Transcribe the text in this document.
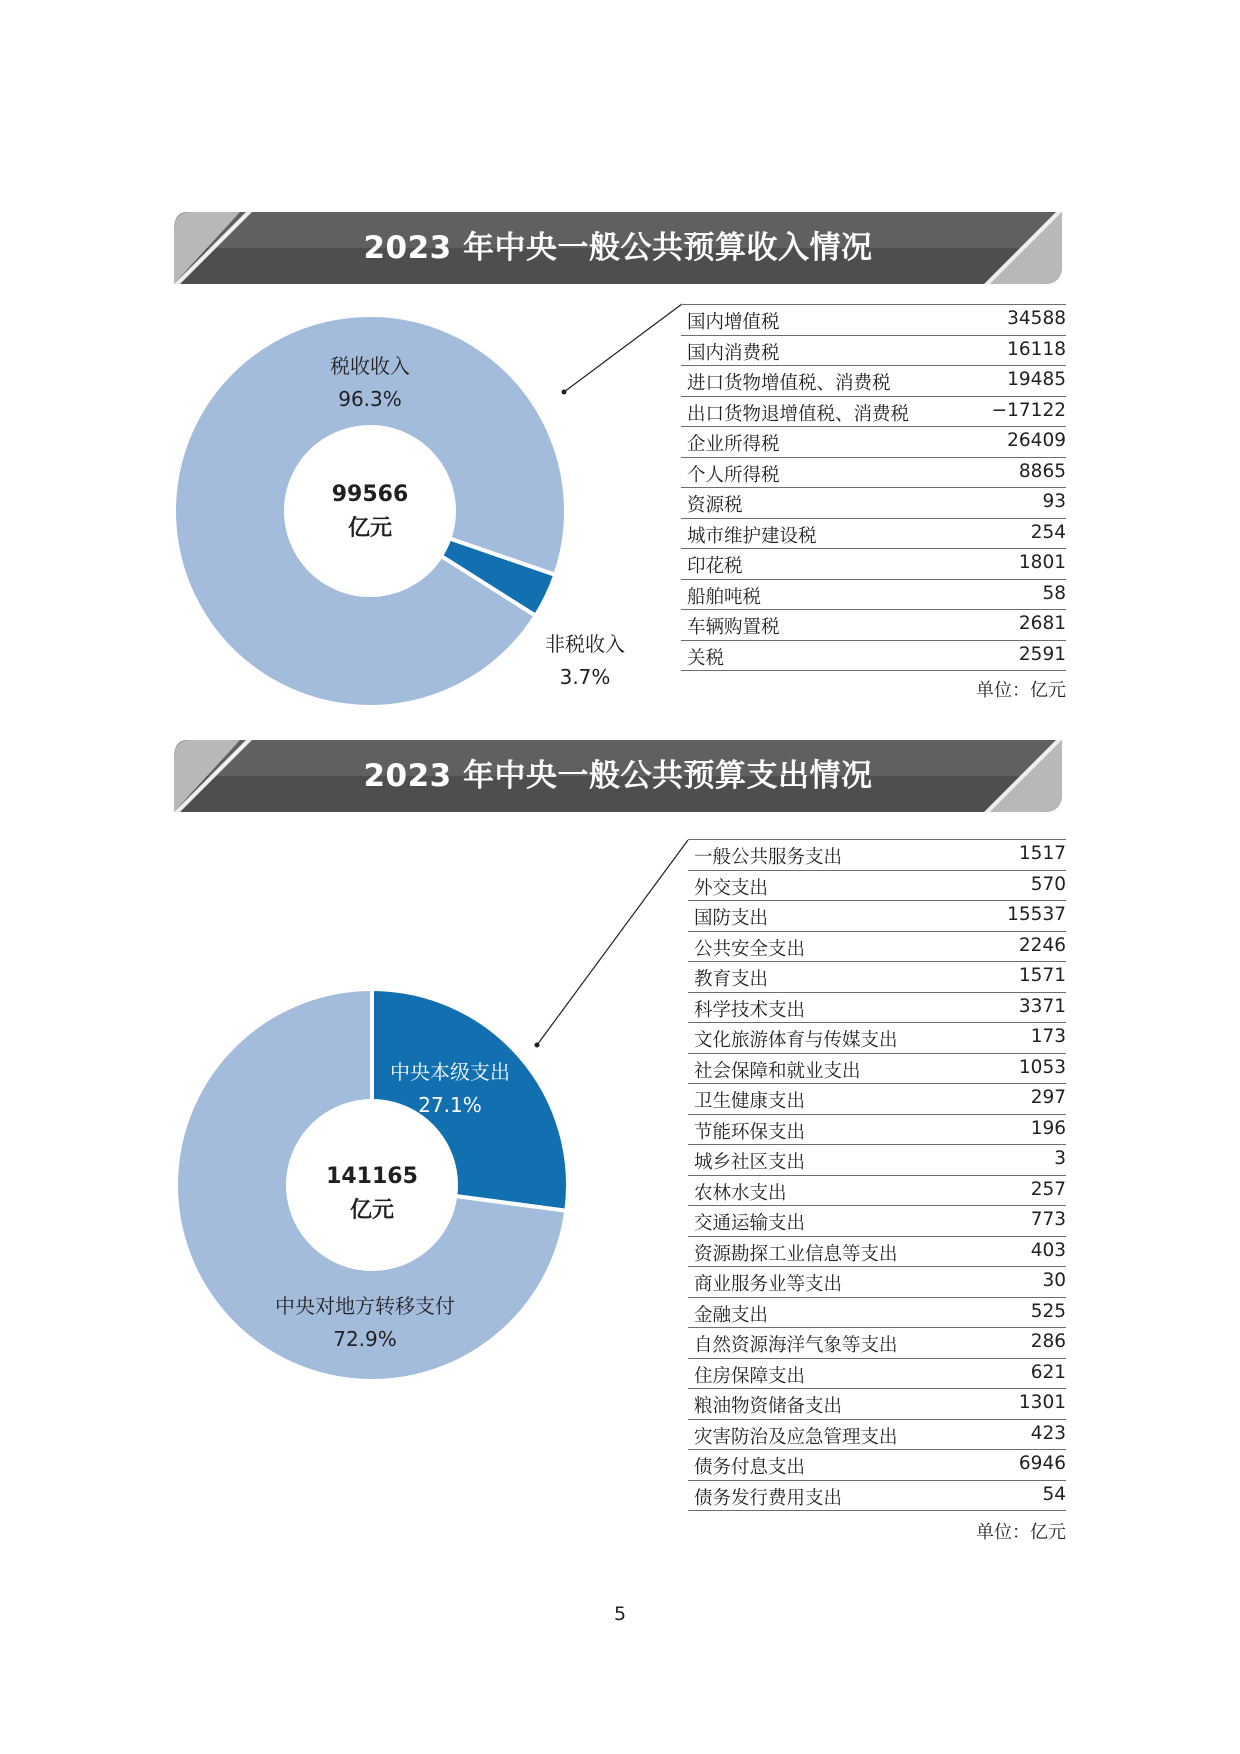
2023 年中央一般公共预算收入情况
99566
亿元
税收收入
96.3%
非税收入
3.7%
国内增值税	34588
国内消费税	16118
进口货物增值税、消费税	19485
出口货物退增值税、消费税	−17122
企业所得税	26409
个人所得税	8865
资源税	93
城市维护建设税	254
印花税	1801
船舶吨税	58
车辆购置税	2681
关税	2591
单位：亿元
2023 年中央一般公共预算支出情况
141165
亿元
中央本级支出
27.1%
中央对地方转移支付
72.9%
一般公共服务支出	1517
外交支出	570
国防支出	15537
公共安全支出	2246
教育支出	1571
科学技术支出	3371
文化旅游体育与传媒支出	173
社会保障和就业支出	1053
卫生健康支出	297
节能环保支出	196
城乡社区支出	3
农林水支出	257
交通运输支出	773
资源勘探工业信息等支出	403
商业服务业等支出	30
金融支出	525
自然资源海洋气象等支出	286
住房保障支出	621
粮油物资储备支出	1301
灾害防治及应急管理支出	423
债务付息支出	6946
债务发行费用支出	54
单位：亿元
5
